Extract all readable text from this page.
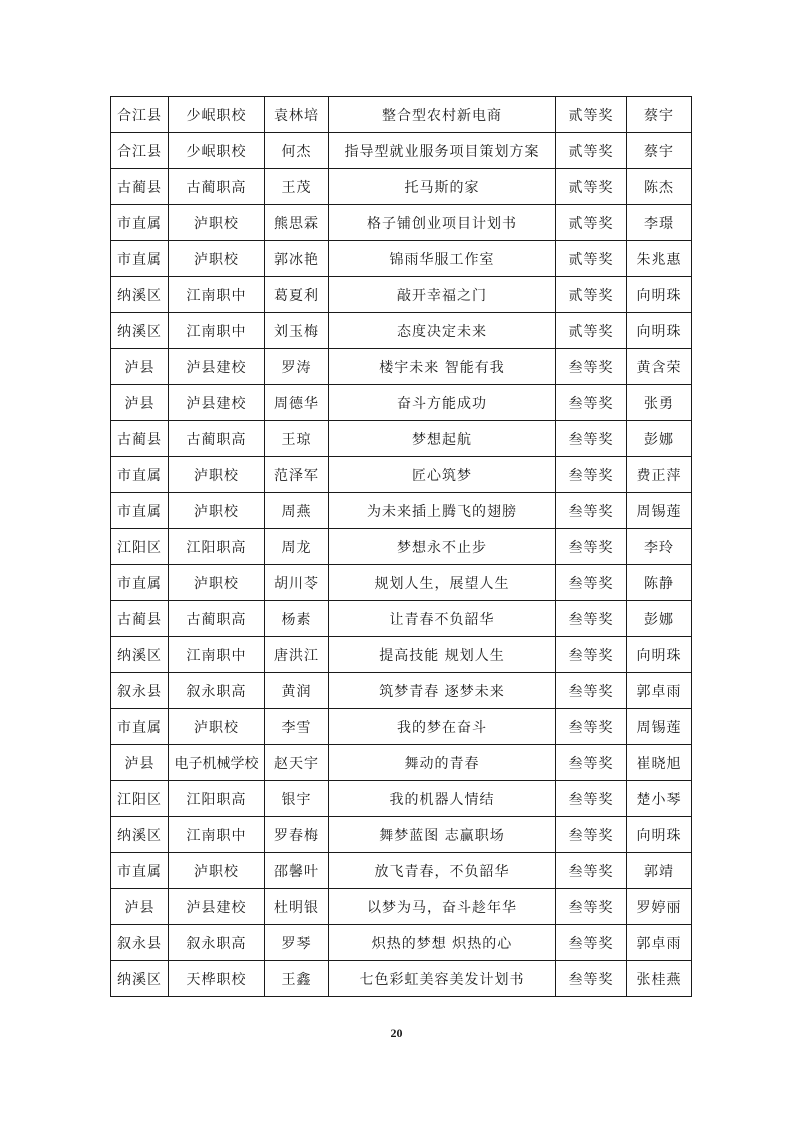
合江县	少岷职校	袁林培	整合型农村新电商	贰等奖	蔡宇
合江县	少岷职校	何杰	指导型就业服务项目策划方案	贰等奖	蔡宇
古蔺县	古蔺职高	王茂	托马斯的家	贰等奖	陈杰
市直属	泸职校	熊思霖	格子铺创业项目计划书	贰等奖	李璟
市直属	泸职校	郭冰艳	锦雨华服工作室	贰等奖	朱兆惠
纳溪区	江南职中	葛夏利	敲开幸福之门	贰等奖	向明珠
纳溪区	江南职中	刘玉梅	态度决定未来	贰等奖	向明珠
泸县	泸县建校	罗涛	楼宇未来 智能有我	叁等奖	黄含荣
泸县	泸县建校	周德华	奋斗方能成功	叁等奖	张勇
古蔺县	古蔺职高	王琼	梦想起航	叁等奖	彭娜
市直属	泸职校	范泽军	匠心筑梦	叁等奖	费正萍
市直属	泸职校	周燕	为未来插上腾飞的翅膀	叁等奖	周锡莲
江阳区	江阳职高	周龙	梦想永不止步	叁等奖	李玲
市直属	泸职校	胡川苓	规划人生，展望人生	叁等奖	陈静
古蔺县	古蔺职高	杨素	让青春不负韶华	叁等奖	彭娜
纳溪区	江南职中	唐洪江	提高技能 规划人生	叁等奖	向明珠
叙永县	叙永职高	黄润	筑梦青春 逐梦未来	叁等奖	郭卓雨
市直属	泸职校	李雪	我的梦在奋斗	叁等奖	周锡莲
泸县	电子机械学校	赵天宇	舞动的青春	叁等奖	崔晓旭
江阳区	江阳职高	银宇	我的机器人情结	叁等奖	楚小琴
纳溪区	江南职中	罗春梅	舞梦蓝图 志赢职场	叁等奖	向明珠
市直属	泸职校	邵馨叶	放飞青春，不负韶华	叁等奖	郭靖
泸县	泸县建校	杜明银	以梦为马，奋斗趁年华	叁等奖	罗婷丽
叙永县	叙永职高	罗琴	炽热的梦想 炽热的心	叁等奖	郭卓雨
纳溪区	天桦职校	王鑫	七色彩虹美容美发计划书	叁等奖	张桂燕
20
